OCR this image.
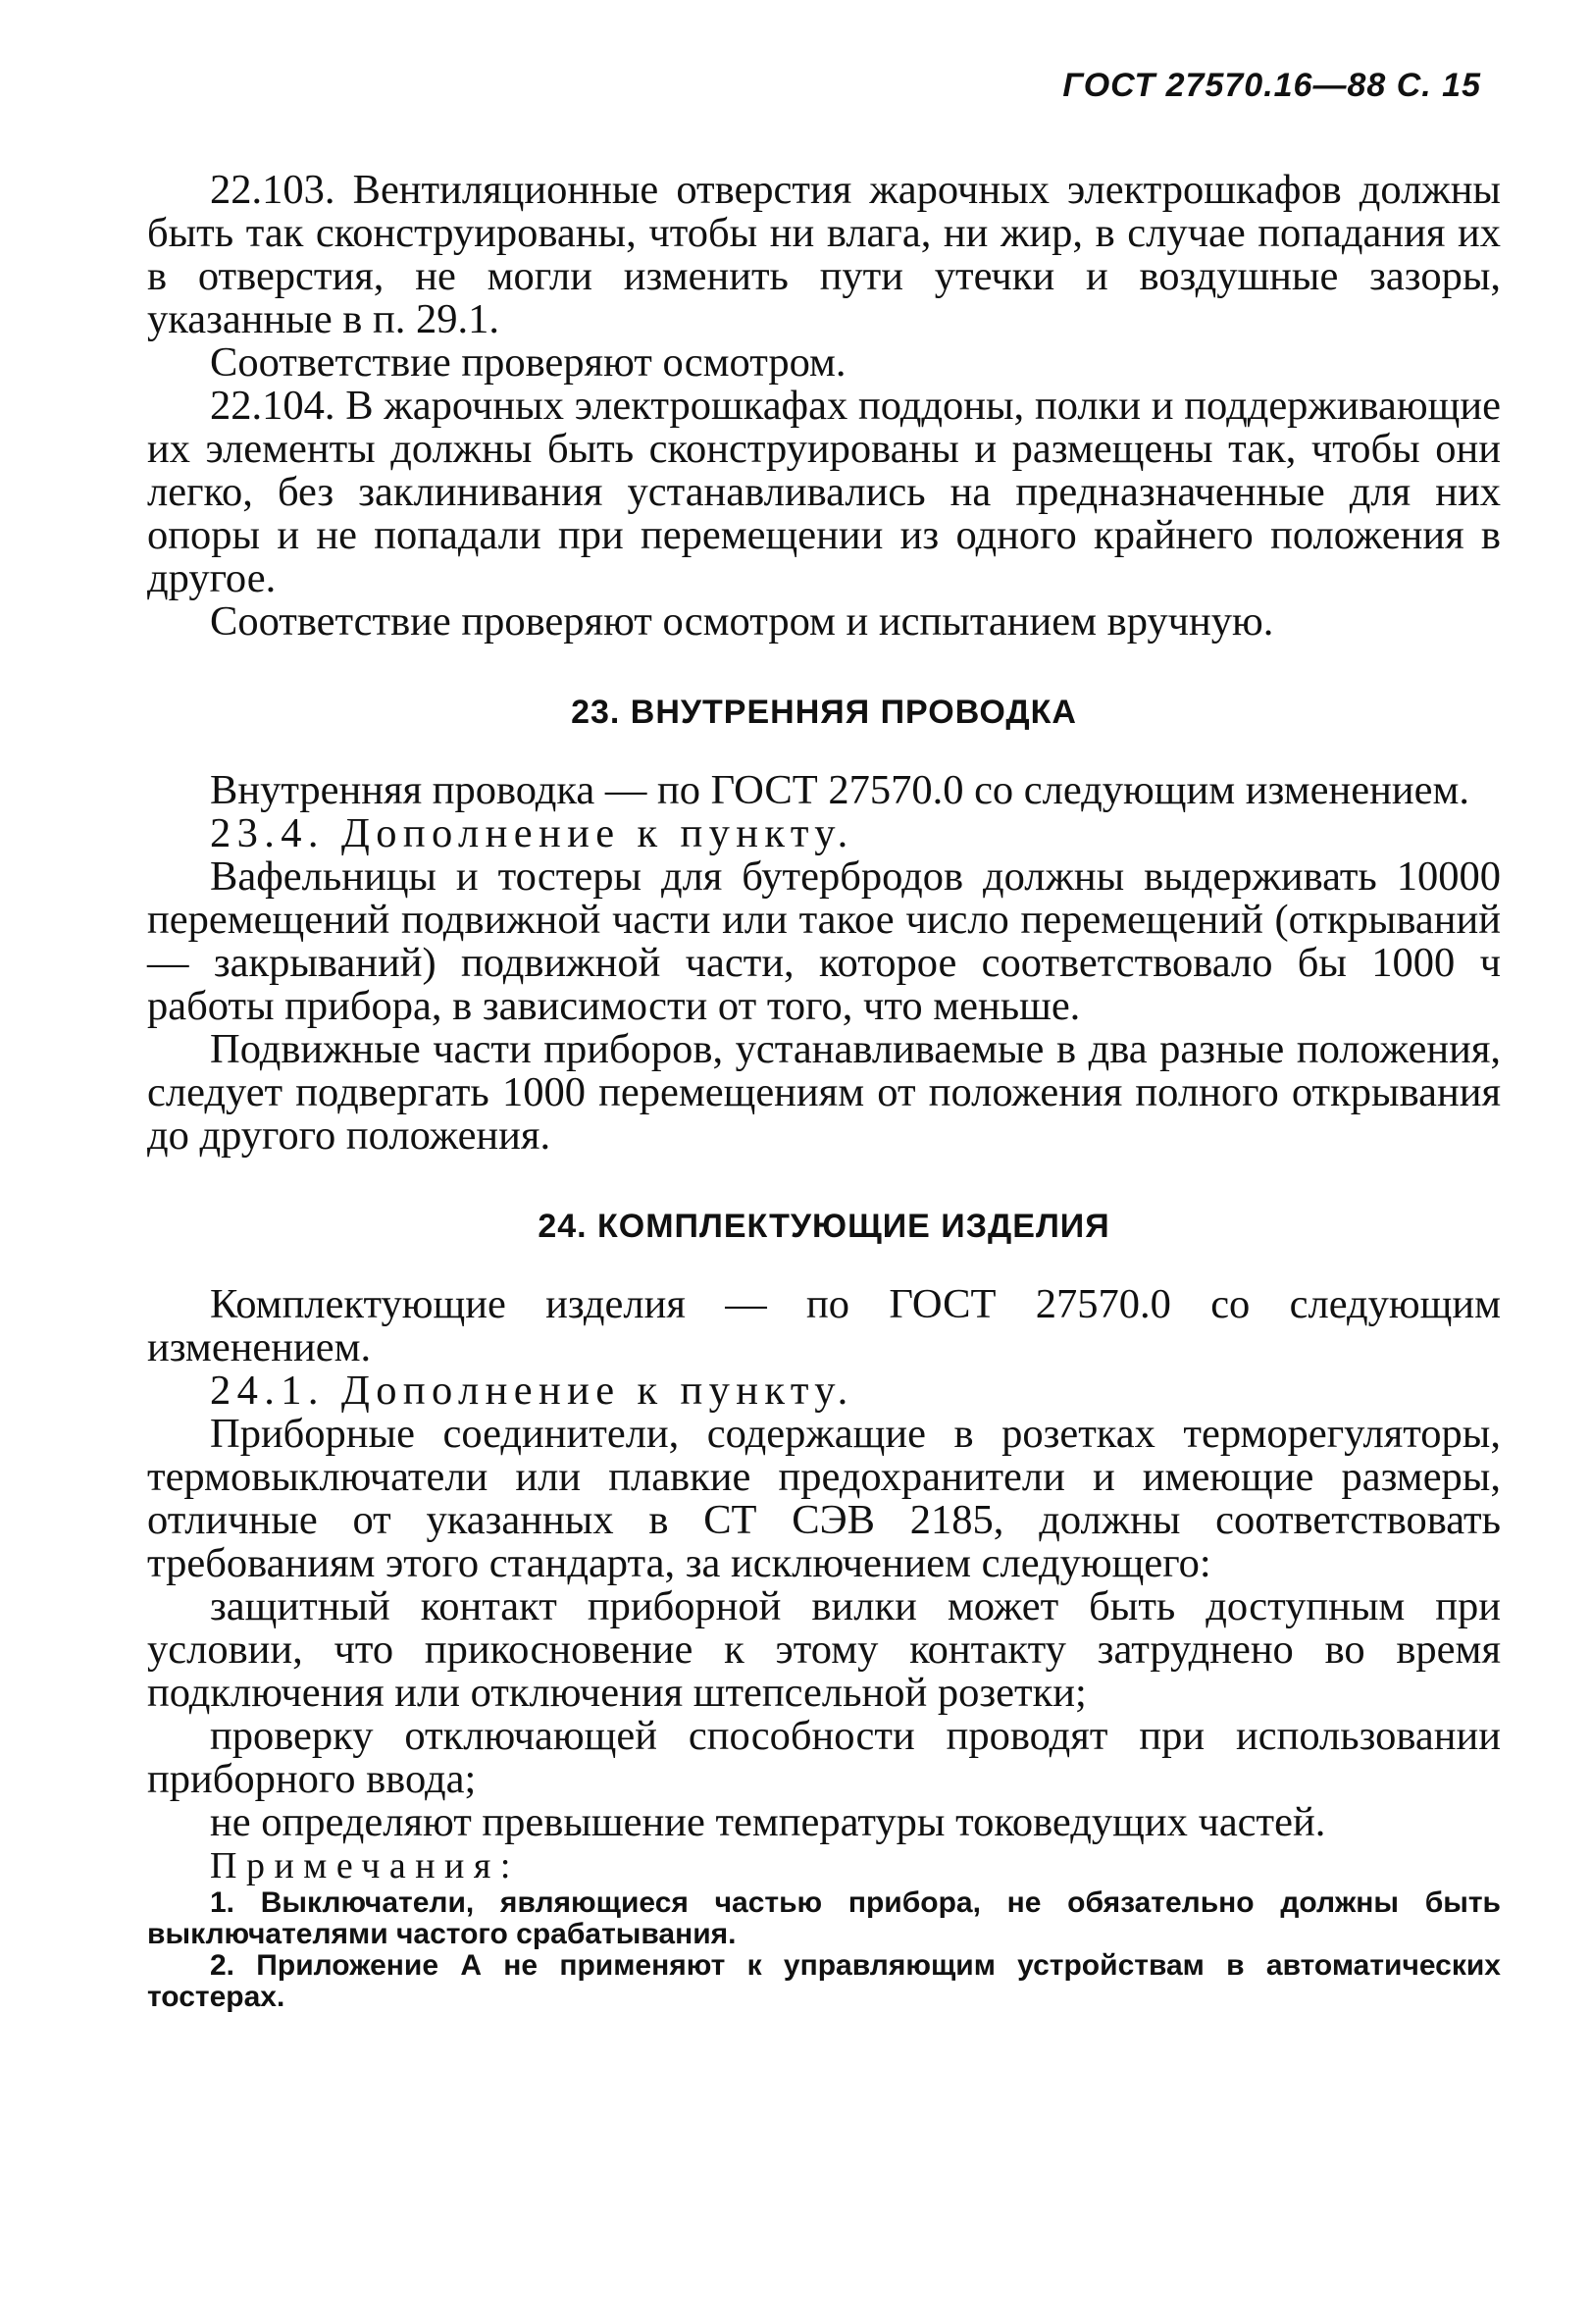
ГОСТ 27570.16—88 С. 15

22.103. Вентиляционные отверстия жарочных электрошкафов должны быть так сконструированы, чтобы ни влага, ни жир, в случае попадания их в отверстия, не могли изменить пути утечки и воздушные зазоры, указанные в п. 29.1.

Соответствие проверяют осмотром.

22.104. В жарочных электрошкафах поддоны, полки и поддерживающие их элементы должны быть сконструированы и размещены так, чтобы они легко, без заклинивания устанавливались на предназначенные для них опоры и не попадали при перемещении из одного крайнего положения в другое.

Соответствие проверяют осмотром и испытанием вручную.

23. ВНУТРЕННЯЯ ПРОВОДКА

Внутренняя проводка — по ГОСТ 27570.0 со следующим изменением.

23.4. Дополнение к пункту.

Вафельницы и тостеры для бутербродов должны выдерживать 10000 перемещений подвижной части или такое число перемещений (открываний — закрываний) подвижной части, которое соответствовало бы 1000 ч работы прибора, в зависимости от того, что меньше.

Подвижные части приборов, устанавливаемые в два разные положения, следует подвергать 1000 перемещениям от положения полного открывания до другого положения.

24. КОМПЛЕКТУЮЩИЕ ИЗДЕЛИЯ

Комплектующие изделия — по ГОСТ 27570.0 со следующим изменением.

24.1. Дополнение к пункту.

Приборные соединители, содержащие в розетках терморегуляторы, термовыключатели или плавкие предохранители и имеющие размеры, отличные от указанных в СТ СЭВ 2185, должны соответствовать требованиям этого стандарта, за исключением следующего:

защитный контакт приборной вилки может быть доступным при условии, что прикосновение к этому контакту затруднено во время подключения или отключения штепсельной розетки;

проверку отключающей способности проводят при использовании приборного ввода;

не определяют превышение температуры токоведущих частей.

Примечания:

1. Выключатели, являющиеся частью прибора, не обязательно должны быть выключателями частого срабатывания.

2. Приложение А не применяют к управляющим устройствам в автоматических тостерах.
